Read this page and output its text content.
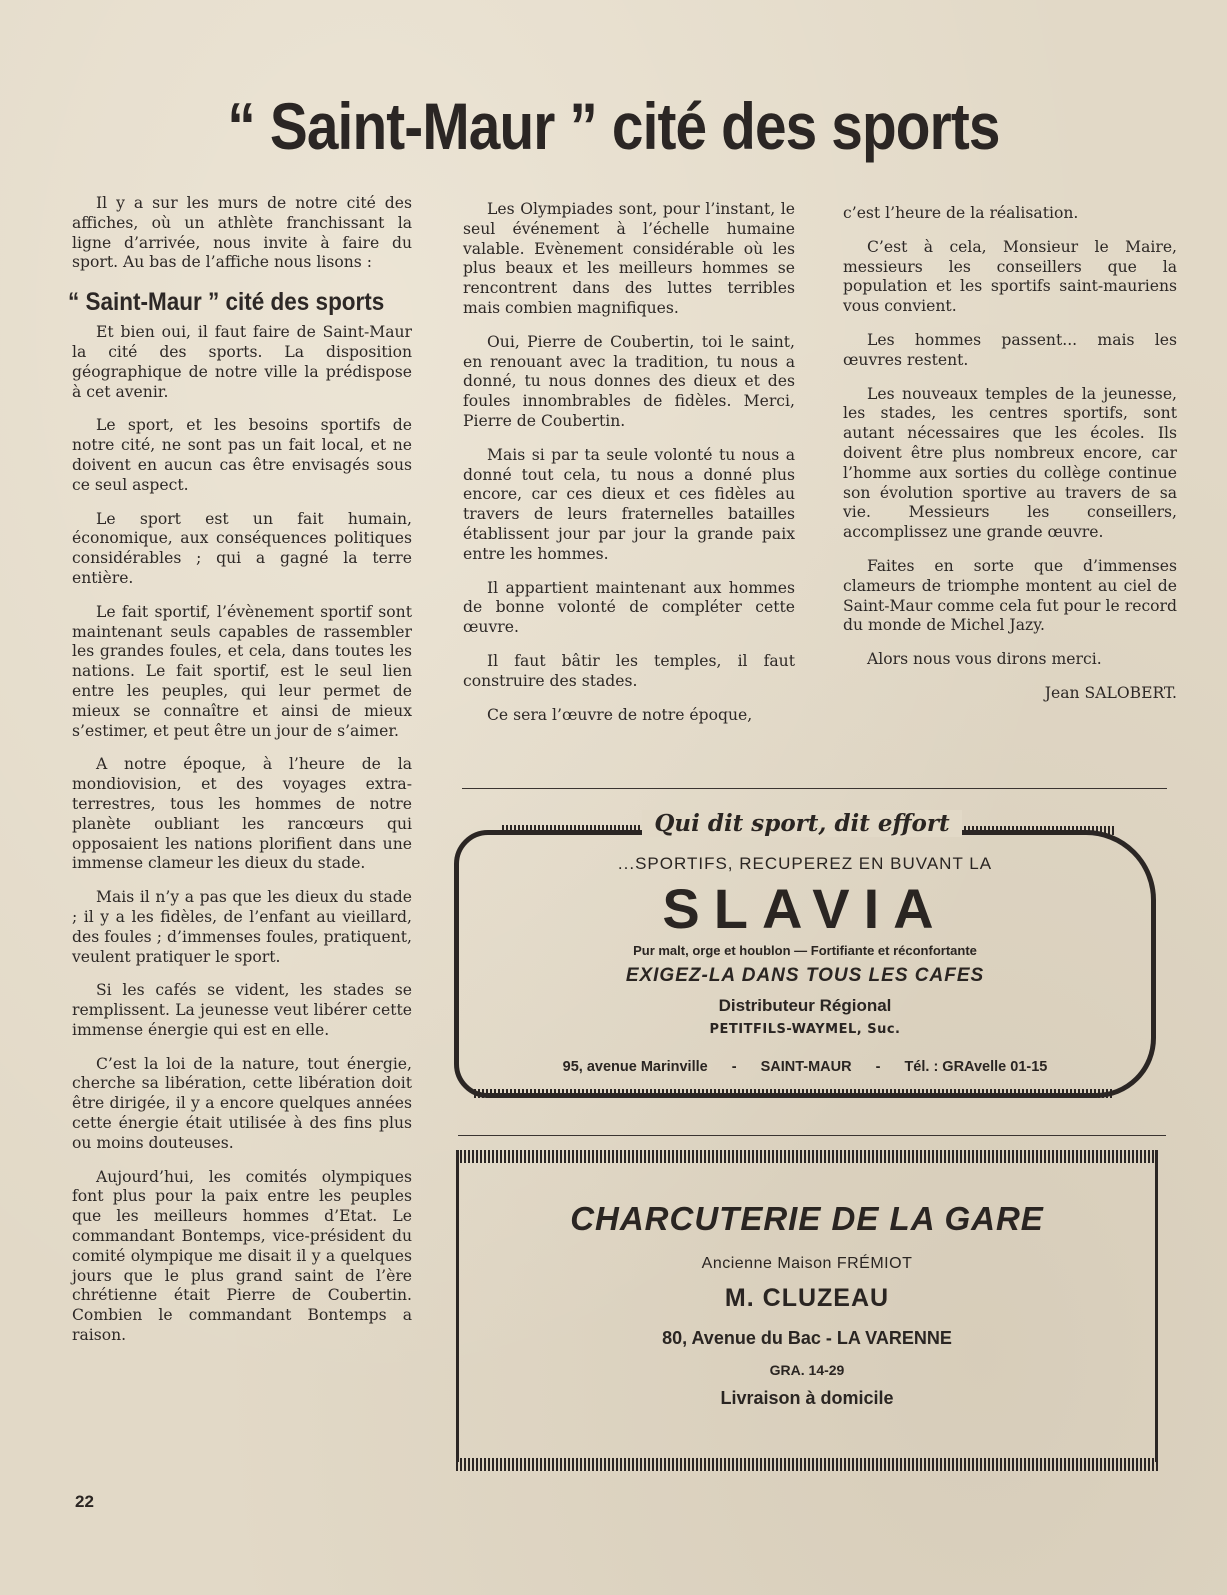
“ Saint-Maur ” cité des sports

Il y a sur les murs de notre cité des affiches, où un athlète franchissant la ligne d’arrivée, nous invite à faire du sport. Au bas de l’affiche nous lisons :

“ Saint-Maur ” cité des sports

Et bien oui, il faut faire de Saint-Maur la cité des sports. La disposition géographique de notre ville la prédispose à cet avenir.

Le sport, et les besoins sportifs de notre cité, ne sont pas un fait local, et ne doivent en aucun cas être envisagés sous ce seul aspect.

Le sport est un fait humain, économique, aux conséquences politiques considérables ; qui a gagné la terre entière.

Le fait sportif, l’évènement sportif sont maintenant seuls capables de rassembler les grandes foules, et cela, dans toutes les nations. Le fait sportif, est le seul lien entre les peuples, qui leur permet de mieux se connaître et ainsi de mieux s’estimer, et peut être un jour de s’aimer.

A notre époque, à l’heure de la mondiovision, et des voyages extra-terrestres, tous les hommes de notre planète oubliant les rancœurs qui opposaient les nations plorifient dans une immense clameur les dieux du stade.

Mais il n’y a pas que les dieux du stade ; il y a les fidèles, de l’enfant au vieillard, des foules ; d’immenses foules, pratiquent, veulent pratiquer le sport.

Si les cafés se vident, les stades se remplissent. La jeunesse veut libérer cette immense énergie qui est en elle.

C’est la loi de la nature, tout énergie, cherche sa libération, cette libération doit être dirigée, il y a encore quelques années cette énergie était utilisée à des fins plus ou moins douteuses.

Aujourd’hui, les comités olympiques font plus pour la paix entre les peuples que les meilleurs hommes d’Etat. Le commandant Bontemps, vice-président du comité olympique me disait il y a quelques jours que le plus grand saint de l’ère chrétienne était Pierre de Coubertin. Combien le commandant Bontemps a raison.

Les Olympiades sont, pour l’instant, le seul événement à l’échelle humaine valable. Evènement considérable où les plus beaux et les meilleurs hommes se rencontrent dans des luttes terribles mais combien magnifiques.

Oui, Pierre de Coubertin, toi le saint, en renouant avec la tradition, tu nous a donné, tu nous donnes des dieux et des foules innombrables de fidèles. Merci, Pierre de Coubertin.

Mais si par ta seule volonté tu nous a donné tout cela, tu nous a donné plus encore, car ces dieux et ces fidèles au travers de leurs fraternelles batailles établissent jour par jour la grande paix entre les hommes.

Il appartient maintenant aux hommes de bonne volonté de compléter cette œuvre.

Il faut bâtir les temples, il faut construire des stades.

Ce sera l’œuvre de notre époque,

c’est l’heure de la réalisation.

C’est à cela, Monsieur le Maire, messieurs les conseillers que la population et les sportifs saint-mauriens vous convient.

Les hommes passent... mais les œuvres restent.

Les nouveaux temples de la jeunesse, les stades, les centres sportifs, sont autant nécessaires que les écoles. Ils doivent être plus nombreux encore, car l’homme aux sorties du collège continue son évolution sportive au travers de sa vie. Messieurs les conseillers, accomplissez une grande œuvre.

Faites en sorte que d’immenses clameurs de triomphe montent au ciel de Saint-Maur comme cela fut pour le record du monde de Michel Jazy.

Alors nous vous dirons merci.

Jean SALOBERT.

Qui dit sport, dit effort
...SPORTIFS, RECUPEREZ EN BUVANT LA
SLAVIA
Pur malt, orge et houblon — Fortifiante et réconfortante
EXIGEZ-LA DANS TOUS LES CAFES
Distributeur Régional
PETITFILS-WAYMEL, Suc.
95, avenue Marinville - SAINT-MAUR - Tél. : GRAvelle 01-15
CHARCUTERIE DE LA GARE
Ancienne Maison FRÉMIOT
M. CLUZEAU
80, Avenue du Bac - LA VARENNE
GRA. 14-29
Livraison à domicile
22
